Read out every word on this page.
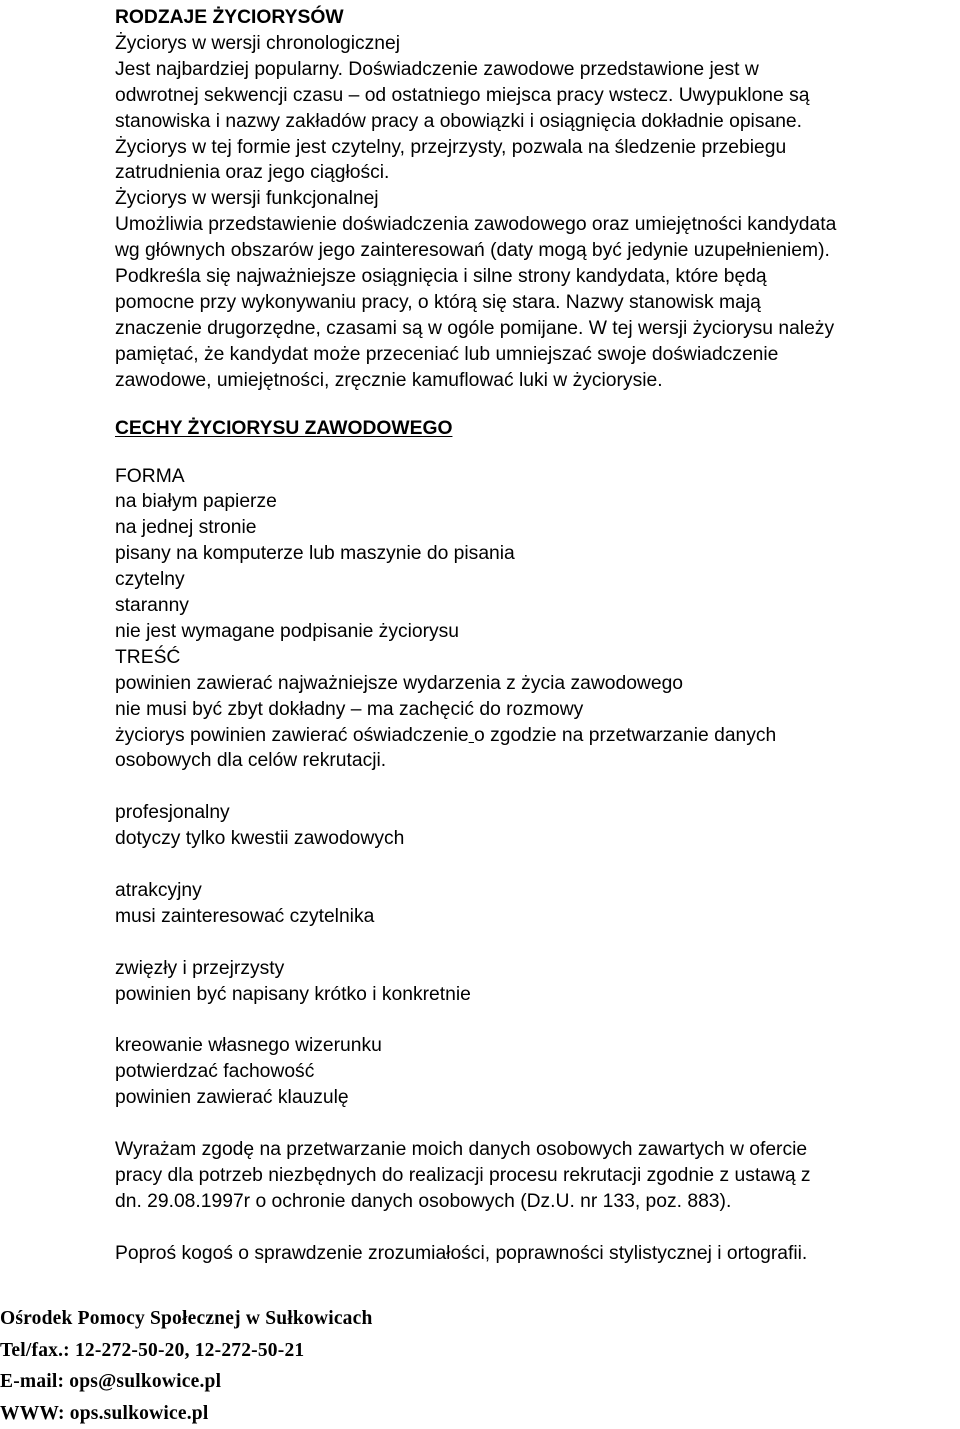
RODZAJE ŻYCIORYSÓW
Życiorys w wersji chronologicznej
Jest najbardziej popularny. Doświadczenie zawodowe przedstawione jest w
odwrotnej sekwencji czasu – od ostatniego miejsca pracy wstecz. Uwypuklone są
stanowiska i nazwy zakładów pracy a obowiązki i osiągnięcia dokładnie opisane.
Życiorys w tej formie jest czytelny, przejrzysty, pozwala na śledzenie przebiegu
zatrudnienia oraz jego ciągłości.
Życiorys w wersji funkcjonalnej
Umożliwia przedstawienie doświadczenia zawodowego oraz umiejętności kandydata
wg głównych obszarów jego zainteresowań (daty mogą być jedynie uzupełnieniem).
Podkreśla się najważniejsze osiągnięcia i silne strony kandydata, które będą
pomocne przy wykonywaniu pracy, o którą się stara. Nazwy stanowisk mają
znaczenie drugorzędne, czasami są w ogóle pomijane. W tej wersji życiorysu należy
pamiętać, że kandydat może przeceniać lub umniejszać swoje doświadczenie
zawodowe, umiejętności, zręcznie kamuflować luki w życiorysie.
CECHY ŻYCIORYSU ZAWODOWEGO
FORMA
na białym papierze
na jednej stronie
pisany na komputerze lub maszynie do pisania
czytelny
staranny
nie jest wymagane podpisanie życiorysu
TREŚĆ
powinien zawierać najważniejsze wydarzenia z życia zawodowego
nie musi być zbyt dokładny – ma zachęcić do rozmowy
życiorys powinien zawierać oświadczenie o zgodzie na przetwarzanie danych
osobowych dla celów rekrutacji.
profesjonalny
dotyczy tylko kwestii zawodowych
atrakcyjny
musi zainteresować czytelnika
zwięzły i przejrzysty
powinien być napisany krótko i konkretnie
kreowanie własnego wizerunku
potwierdzać fachowość
powinien zawierać klauzulę
Wyrażam zgodę na przetwarzanie moich danych osobowych zawartych w ofercie
pracy dla potrzeb niezbędnych do realizacji procesu rekrutacji zgodnie z ustawą z
dn. 29.08.1997r o ochronie danych osobowych (Dz.U. nr 133, poz. 883).
Poproś kogoś o sprawdzenie zrozumiałości, poprawności stylistycznej i ortografii.
Ośrodek Pomocy Społecznej w Sułkowicach
Tel/fax.: 12-272-50-20, 12-272-50-21
E-mail: ops@sulkowice.pl
WWW: ops.sulkowice.pl
